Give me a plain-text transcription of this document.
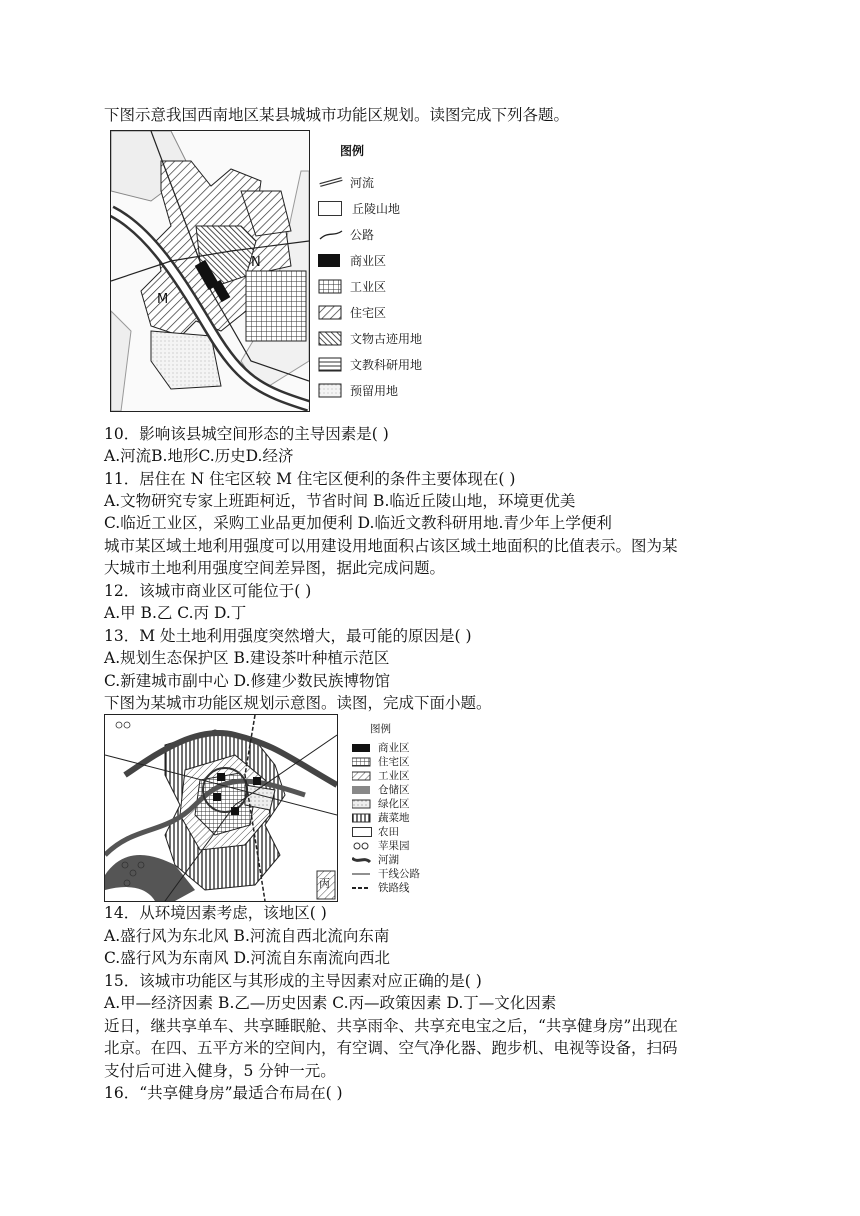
下图示意我国西南地区某县城城市功能区规划。读图完成下列各题。
N
M
图例
河流
丘陵山地
公路
商业区
工业区
住宅区
文物古迹用地
文教科研用地
预留用地
10．影响该县城空间形态的主导因素是( )
A.河流B.地形C.历史D.经济
11．居住在 N 住宅区较 M 住宅区便利的条件主要体现在( )
A.文物研究专家上班距柯近，节省时间 B.临近丘陵山地，环境更优美
C.临近工业区，采购工业品更加便利 D.临近文教科研用地.青少年上学便利
城市某区域土地利用强度可以用建设用地面积占该区域土地面积的比值表示。图为某
大城市土地利用强度空间差异图，据此完成问题。
12．该城市商业区可能位于( )
A.甲 B.乙 C.丙 D.丁
13．M 处土地利用强度突然增大，最可能的原因是( )
A.规划生态保护区 B.建设茶叶种植示范区
C.新建城市副中心 D.修建少数民族博物馆
下图为某城市功能区规划示意图。读图，完成下面小题。
丙
图例
商业区
住宅区
工业区
仓储区
绿化区
蔬菜地
农田
苹果园
河湖
干线公路
铁路线
14．从环境因素考虑，该地区( )
A.盛行风为东北风 B.河流自西北流向东南
C.盛行风为东南风 D.河流自东南流向西北
15．该城市功能区与其形成的主导因素对应正确的是( )
A.甲—经济因素 B.乙—历史因素 C.丙—政策因素 D.丁—文化因素
近日，继共享单车、共享睡眠舱、共享雨伞、共享充电宝之后，“共享健身房”出现在
北京。在四、五平方米的空间内，有空调、空气净化器、跑步机、电视等设备，扫码
支付后可进入健身，5 分钟一元。
16．“共享健身房”最适合布局在( )
